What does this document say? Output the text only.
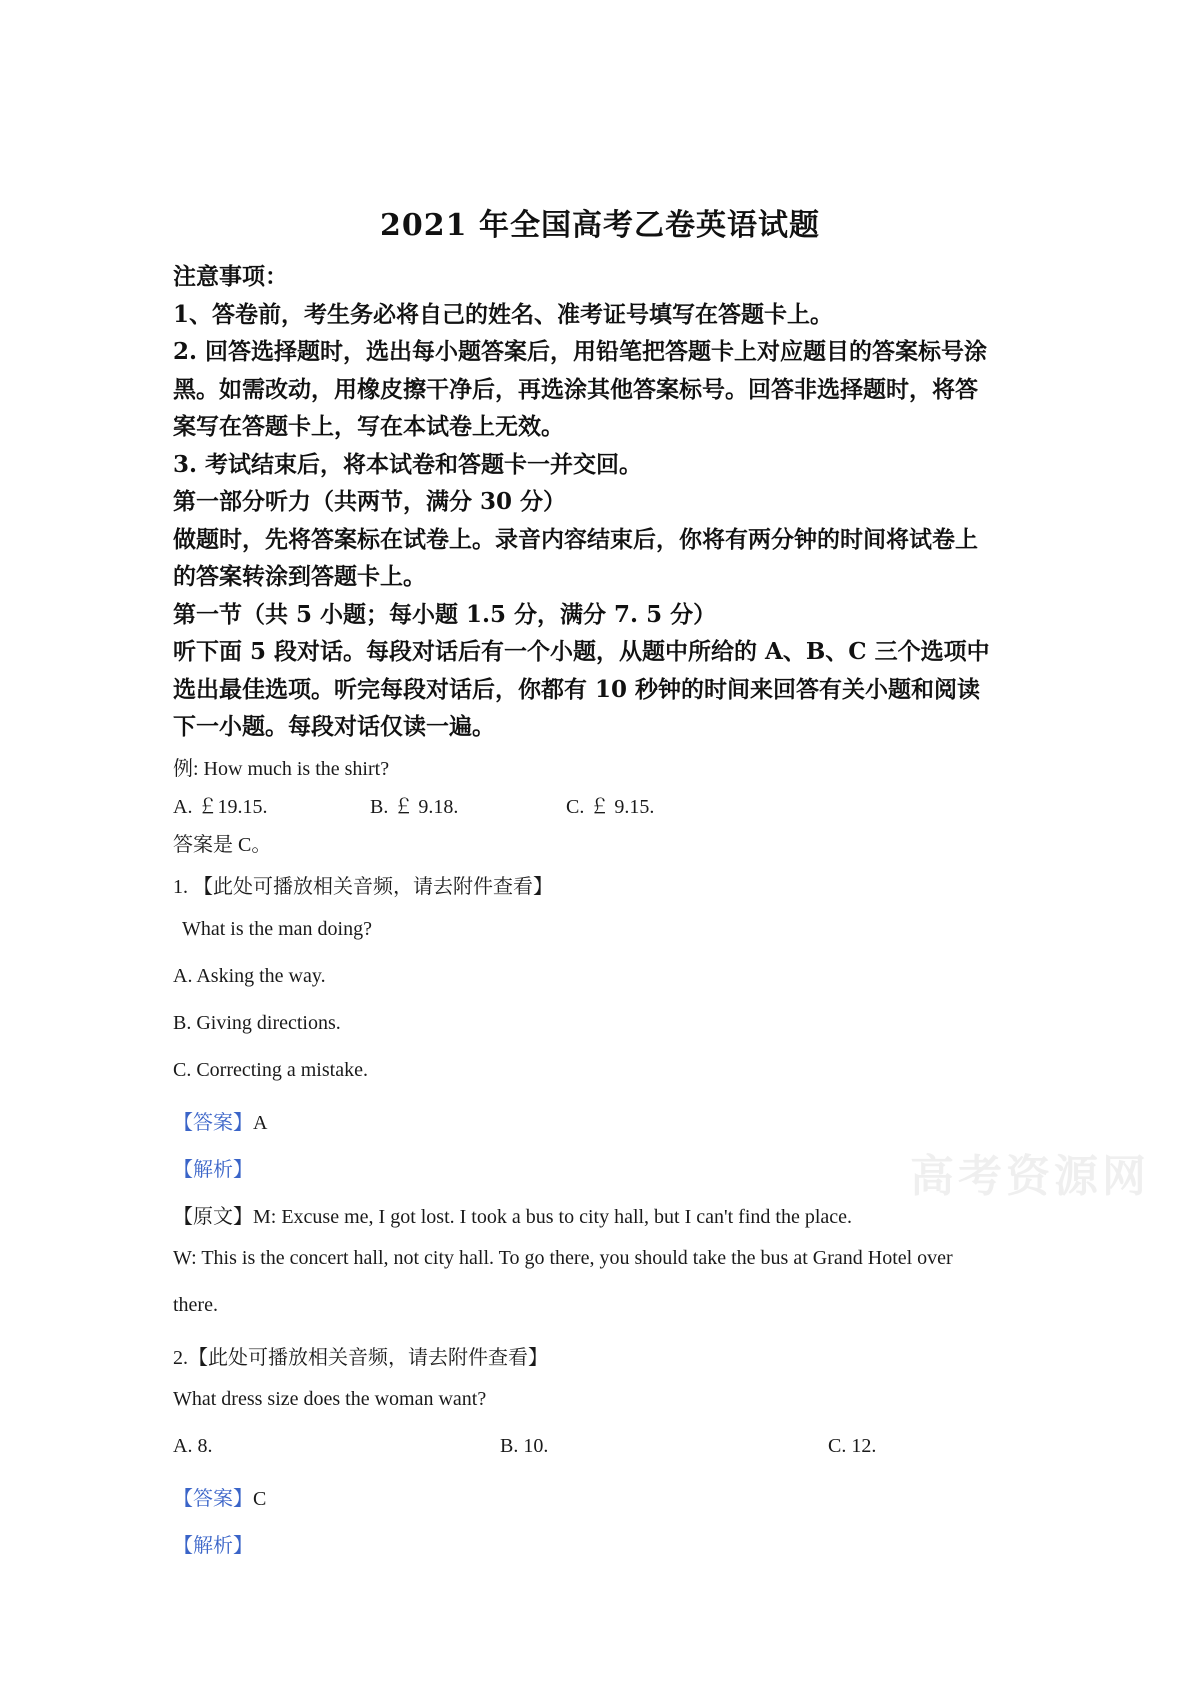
2021 年全国高考乙卷英语试题

注意事项：

1、答卷前，考生务必将自己的姓名、准考证号填写在答题卡上。

2. 回答选择题时，选出每小题答案后，用铅笔把答题卡上对应题目的答案标号涂

黑。如需改动，用橡皮擦干净后，再选涂其他答案标号。回答非选择题时，将答

案写在答题卡上，写在本试卷上无效。

3. 考试结束后，将本试卷和答题卡一并交回。

第一部分听力（共两节，满分 30 分）

做题时，先将答案标在试卷上。录音内容结束后，你将有两分钟的时间将试卷上

的答案转涂到答题卡上。

第一节（共 5 小题；每小题 1.5 分，满分 7. 5 分）

听下面 5 段对话。每段对话后有一个小题，从题中所给的 A、B、C 三个选项中

选出最佳选项。听完每段对话后，你都有 10 秒钟的时间来回答有关小题和阅读

下一小题。每段对话仅读一遍。

例: How much is the shirt?
A. ￡19.15.	B. ￡ 9.18.	C. ￡ 9.15.
答案是 C。
1. 【此处可播放相关音频，请去附件查看】
What is the man doing?
A. Asking the way.
B. Giving directions.
C. Correcting a mistake.
【答案】A
【解析】
【原文】M: Excuse me, I got lost. I took a bus to city hall, but I can't find the place.
W: This is the concert hall, not city hall. To go there, you should take the bus at Grand Hotel over
there.
2.【此处可播放相关音频，请去附件查看】
What dress size does the woman want?
A. 8.	B. 10.	C. 12.
【答案】C
【解析】
高考资源网
